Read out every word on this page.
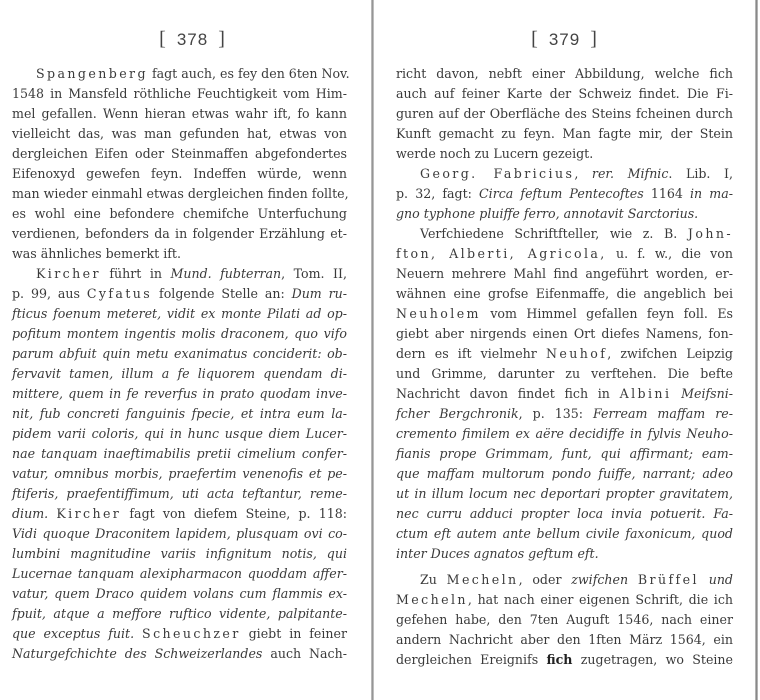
[ 378 ]
Spangenberg fagt auch, es fey den 6ten Nov.
1548 in Mansfeld röthliche Feuchtigkeit vom Him-
mel gefallen. Wenn hieran etwas wahr ift, fo kann
vielleicht das, was man gefunden hat, etwas von
dergleichen Eifen oder Steinmaffen abgefondertes
Eifenoxyd gewefen feyn. Indeffen würde, wenn
man wieder einmahl etwas dergleichen finden follte,
es wohl eine befondere chemifche Unterfuchung
verdienen, befonders da in folgender Erzählung et-
was ähnliches bemerkt ift.
Kircher führt in Mund. fubterran, Tom. II,
p. 99, aus Cyfatus folgende Stelle an: Dum ru-
fticus foenum meteret, vidit ex monte Pilati ad op-
pofitum montem ingentis molis draconem, quo vifo
parum abfuit quin metu exanimatus conciderit: ob-
fervavit tamen, illum a fe liquorem quendam di-
mittere, quem in fe reverfus in prato quodam inve-
nit, fub concreti fanguinis fpecie, et intra eum la-
pidem varii coloris, qui in hunc usque diem Lucer-
nae tanquam inaeftimabilis pretii cimelium confer-
vatur, omnibus morbis, praefertim venenofis et pe-
ftiferis, praefentiffimum, uti acta teftantur, reme-
dium. Kircher fagt von diefem Steine, p. 118:
Vidi quoque Draconitem lapidem, plusquam ovi co-
lumbini magnitudine variis infignitum notis, qui
Lucernae tanquam alexipharmacon quoddam affer-
vatur, quem Draco quidem volans cum flammis ex-
fpuit, atque a meffore ruftico vidente, palpitante-
que exceptus fuit. Scheuchzer giebt in feiner
Naturgefchichte des Schweizerlandes auch Nach-
[ 379 ]
richt davon, nebft einer Abbildung, welche fich
auch auf feiner Karte der Schweiz findet. Die Fi-
guren auf der Oberfläche des Steins fcheinen durch
Kunft gemacht zu feyn. Man fagte mir, der Stein
werde noch zu Lucern gezeigt.
Georg. Fabricius, rer. Mifnic. Lib. I,
p. 32, fagt: Circa feftum Pentecoftes 1164 in ma-
gno typhone pluiffe ferro, annotavit Sarctorius.
Verfchiedene Schriftfteller, wie z. B. John-
fton, Alberti, Agricola, u. f. w., die von
Neuern mehrere Mahl find angeführt worden, er-
wähnen eine grofse Eifenmaffe, die angeblich bei
Neuholem vom Himmel gefallen feyn foll. Es
giebt aber nirgends einen Ort diefes Namens, fon-
dern es ift vielmehr Neuhof, zwifchen Leipzig
und Grimme, darunter zu verftehen. Die befte
Nachricht davon findet fich in Albini Meifsni-
fcher Bergchronik, p. 135: Ferream maffam re-
cremento fimilem ex aëre decidiffe in fylvis Neuho-
fianis prope Grimmam, funt, qui affirmant; eam-
que maffam multorum pondo fuiffe, narrant; adeo
ut in illum locum nec deportari propter gravitatem,
nec curru adduci propter loca invia potuerit. Fa-
ctum eft autem ante bellum civile faxonicum, quod
inter Duces agnatos geftum eft.
Zu Mecheln, oder zwifchen Brüffel und
Mecheln, hat nach einer eigenen Schrift, die ich
gefehen habe, den 7ten Auguft 1546, nach einer
andern Nachricht aber den 1ften März 1564, ein
dergleichen Ereignifs fich zugetragen, wo Steine
